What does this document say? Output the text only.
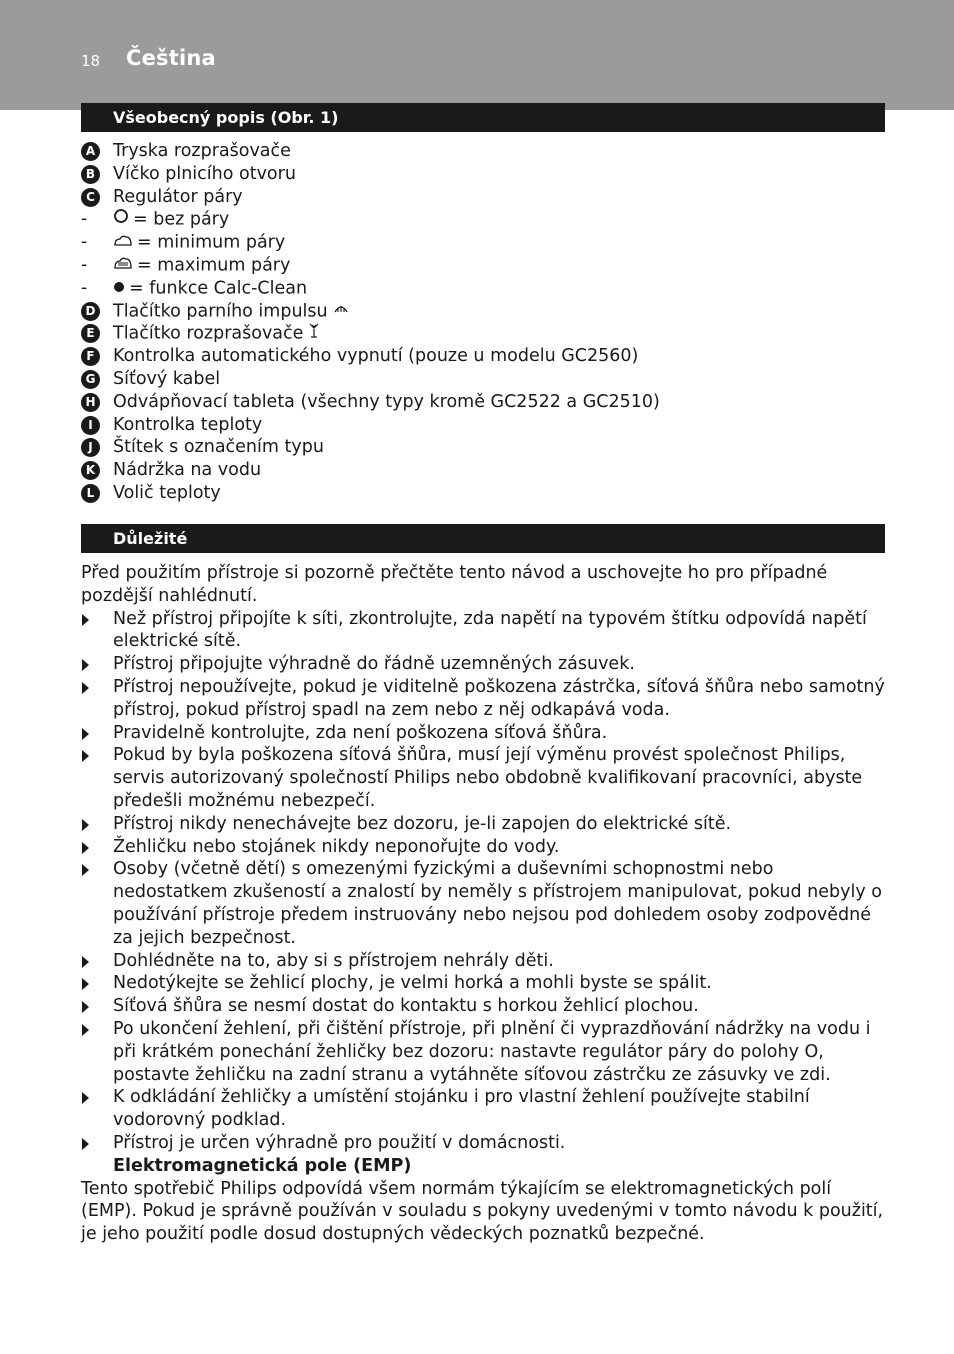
18 Čeština
Všeobecný popis (Obr. 1)
A Tryska rozprašovače
B Víčko plnicího otvoru
C Regulátor páry
-	= bez páry
-	= minimum páry
-	= maximum páry
-	= funkce Calc-Clean
D Tlačítko parního impulsu
E	Tlačítko rozprašovače
F	Kontrolka automatického vypnutí (pouze u modelu GC2560)
G Síťový kabel
H Odvápňovací tableta (všechny typy kromě GC2522 a GC2510)
I	Kontrolka teploty
J	Štítek s označením typu
K Nádržka na vodu
L	Volič teploty
Důležité

Před použitím přístroje si pozorně přečtěte tento návod a uschovejte ho pro případné pozdější nahlédnutí.

Než přístroj připojíte k síti, zkontrolujte, zda napětí na typovém štítku odpovídá napětí elektrické sítě.
Přístroj připojujte výhradně do řádně uzemněných zásuvek.
Přístroj nepoužívejte, pokud je viditelně poškozena zástrčka, síťová šňůra nebo samotný přístroj, pokud přístroj spadl na zem nebo z něj odkapává voda.
Pravidelně kontrolujte, zda není poškozena síťová šňůra.
Pokud by byla poškozena síťová šňůra, musí její výměnu provést společnost Philips, servis autorizovaný společností Philips nebo obdobně kvalifikovaní pracovníci, abyste předešli možnému nebezpečí.
Přístroj nikdy nenechávejte bez dozoru, je-li zapojen do elektrické sítě.
Žehličku nebo stojánek nikdy neponořujte do vody.
Osoby (včetně dětí) s omezenými fyzickými a duševními schopnostmi nebo nedostatkem zkušeností a znalostí by neměly s přístrojem manipulovat, pokud nebyly o používání přístroje předem instruovány nebo nejsou pod dohledem osoby zodpovědné za jejich bezpečnost.
Dohlédněte na to, aby si s přístrojem nehrály děti.
Nedotýkejte se žehlicí plochy, je velmi horká a mohli byste se spálit.
Síťová šňůra se nesmí dostat do kontaktu s horkou žehlicí plochou.
Po ukončení žehlení, při čištění přístroje, při plnění či vyprazdňování nádržky na vodu i při krátkém ponechání žehličky bez dozoru: nastavte regulátor páry do polohy O, postavte žehličku na zadní stranu a vytáhněte síťovou zástrčku ze zásuvky ve zdi.
K odkládání žehličky a umístění stojánku i pro vlastní žehlení používejte stabilní vodorovný podklad.
Přístroj je určen výhradně pro použití v domácnosti.

Elektromagnetická pole (EMP)

Tento spotřebič Philips odpovídá všem normám týkajícím se elektromagnetických polí (EMP). Pokud je správně používán v souladu s pokyny uvedenými v tomto návodu k použití, je jeho použití podle dosud dostupných vědeckých poznatků bezpečné.
